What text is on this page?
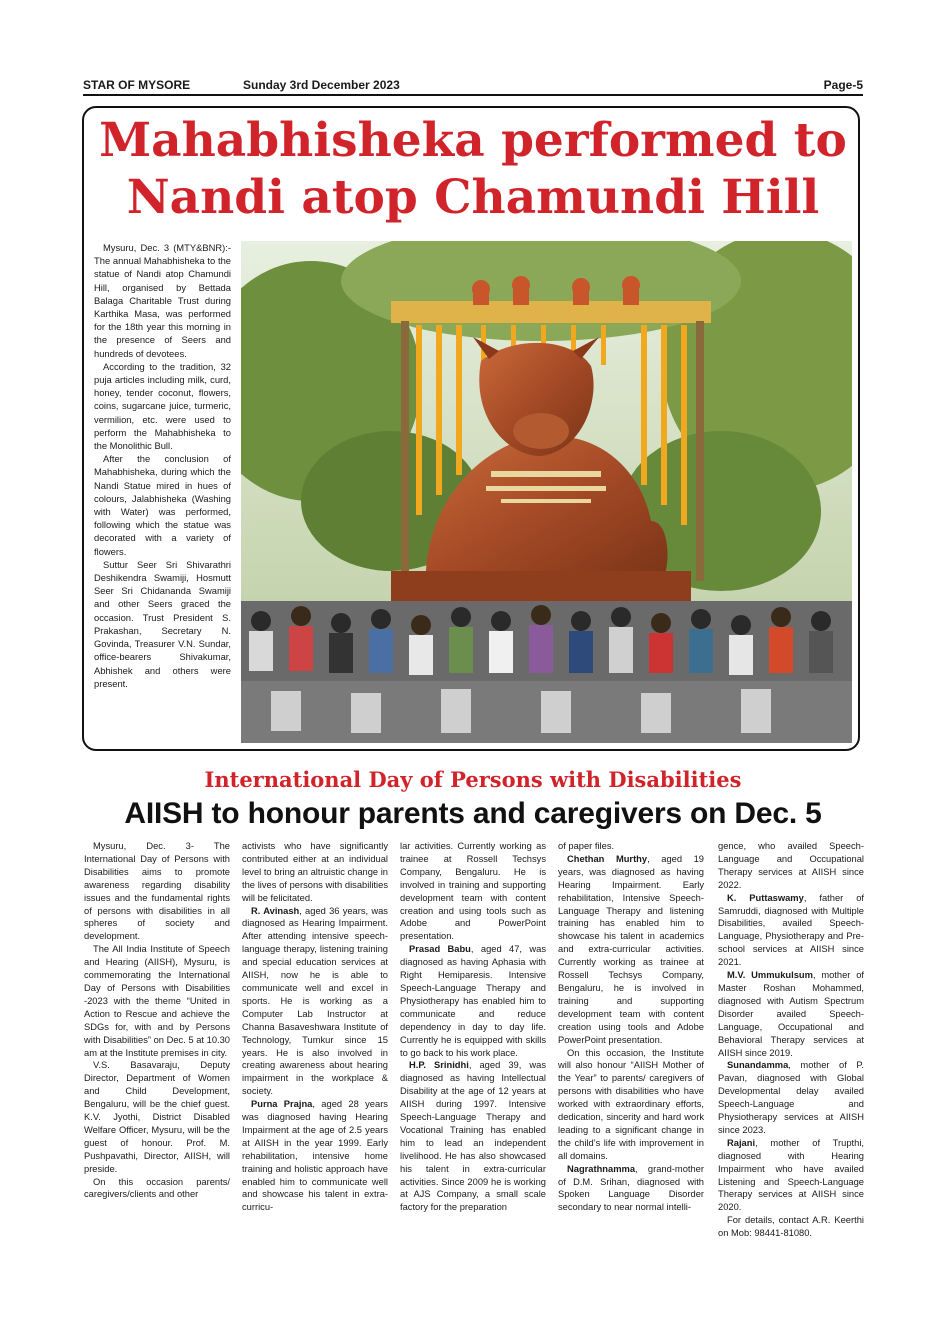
STAR OF MYSORE	Sunday 3rd December 2023	Page-5
Mahabhisheka performed to
Nandi atop Chamundi Hill

Mysuru, Dec. 3 (MTY&BNR):- The annual Mahabhisheka to the statue of Nandi atop Chamundi Hill, organised by Bettada Balaga Charitable Trust during Karthika Masa, was performed for the 18th year this morning in the presence of Seers and hundreds of devotees.

According to the tradition, 32 puja articles including milk, curd, honey, tender coconut, flowers, coins, sugarcane juice, turmeric, vermilion, etc. were used to perform the Mahabhisheka to the Monolithic Bull.

After the conclusion of Mahabhisheka, during which the Nandi Statue mired in hues of colours, Jalabhisheka (Washing with Water) was performed, following which the statue was decorated with a variety of flowers.

Suttur Seer Sri Shivarathri Deshikendra Swamiji, Hosmutt Seer Sri Chidananda Swamiji and other Seers graced the occasion. Trust President S. Prakashan, Secretary N. Govinda, Treasurer V.N. Sundar, office-bearers Shivakumar, Abhishek and others were present.

International Day of Persons with Disabilities
AIISH to honour parents and caregivers on Dec. 5

Mysuru, Dec. 3- The International Day of Persons with Disabilities aims to promote awareness regarding disability issues and the fundamental rights of persons with disabilities in all spheres of society and development.

The All India Institute of Speech and Hearing (AIISH), Mysuru, is commemorating the International Day of Persons with Disabilities -2023 with the theme “United in Action to Rescue and achieve the SDGs for, with and by Persons with Disabilities” on Dec. 5 at 10.30 am at the Institute premises in city.

V.S. Basavaraju, Deputy Director, Department of Women and Child Development, Bengaluru, will be the chief guest. K.V. Jyothi, District Disabled Welfare Officer, Mysuru, will be the guest of honour. Prof. M. Pushpavathi, Director, AIISH, will preside.

On this occasion parents/ caregivers/clients and other

activists who have significantly contributed either at an individual level to bring an altruistic change in the lives of persons with disabilities will be felicitated.

R. Avinash, aged 36 years, was diagnosed as Hearing Impairment. After attending intensive speech-language therapy, listening training and special education services at AIISH, now he is able to communicate well and excel in sports. He is working as a Computer Lab Instructor at Channa Basaveshwara Institute of Technology, Tumkur since 15 years. He is also involved in creating awareness about hearing impairment in the workplace & society.

Purna Prajna, aged 28 years was diagnosed having Hearing Impairment at the age of 2.5 years at AIISH in the year 1999. Early rehabilitation, intensive home training and holistic approach have enabled him to communicate well and showcase his talent in extra-curricu-

lar activities. Currently working as trainee at Rossell Techsys Company, Bengaluru. He is involved in training and supporting development team with content creation and using tools such as Adobe and PowerPoint presentation.

Prasad Babu, aged 47, was diagnosed as having Aphasia with Right Hemiparesis. Intensive Speech-Language Therapy and Physiotherapy has enabled him to communicate and reduce dependency in day to day life. Currently he is equipped with skills to go back to his work place.

H.P. Srinidhi, aged 39, was diagnosed as having Intellectual Disability at the age of 12 years at AIISH during 1997. Intensive Speech-Language Therapy and Vocational Training has enabled him to lead an independent livelihood. He has also showcased his talent in extra-curricular activities. Since 2009 he is working at AJS Company, a small scale factory for the preparation

of paper files.

Chethan Murthy, aged 19 years, was diagnosed as having Hearing Impairment. Early rehabilitation, Intensive Speech-Language Therapy and listening training has enabled him to showcase his talent in academics and extra-curricular activities. Currently working as trainee at Rossell Techsys Company, Bengaluru, he is involved in training and supporting development team with content creation using tools and Adobe PowerPoint presentation.

On this occasion, the Institute will also honour “AIISH Mother of the Year” to parents/ caregivers of persons with disabilities who have worked with extraordinary efforts, dedication, sincerity and hard work leading to a significant change in the child’s life with improvement in all domains.

Nagrathnamma, grand-mother of D.M. Srihan, diagnosed with Spoken Language Disorder secondary to near normal intelli-

gence, who availed Speech-Language and Occupational Therapy services at AIISH since 2022.

K. Puttaswamy, father of Samruddi, diagnosed with Multiple Disabilities, availed Speech-Language, Physiotherapy and Pre-school services at AIISH since 2021.

M.V. Ummukulsum, mother of Master Roshan Mohammed, diagnosed with Autism Spectrum Disorder availed Speech-Language, Occupational and Behavioral Therapy services at AIISH since 2019.

Sunandamma, mother of P. Pavan, diagnosed with Global Developmental delay availed Speech-Language and Physiotherapy services at AIISH since 2023.

Rajani, mother of Trupthi, diagnosed with Hearing Impairment who have availed Listening and Speech-Language Therapy services at AIISH since 2020.

For details, contact A.R. Keerthi on Mob: 98441-81080.
